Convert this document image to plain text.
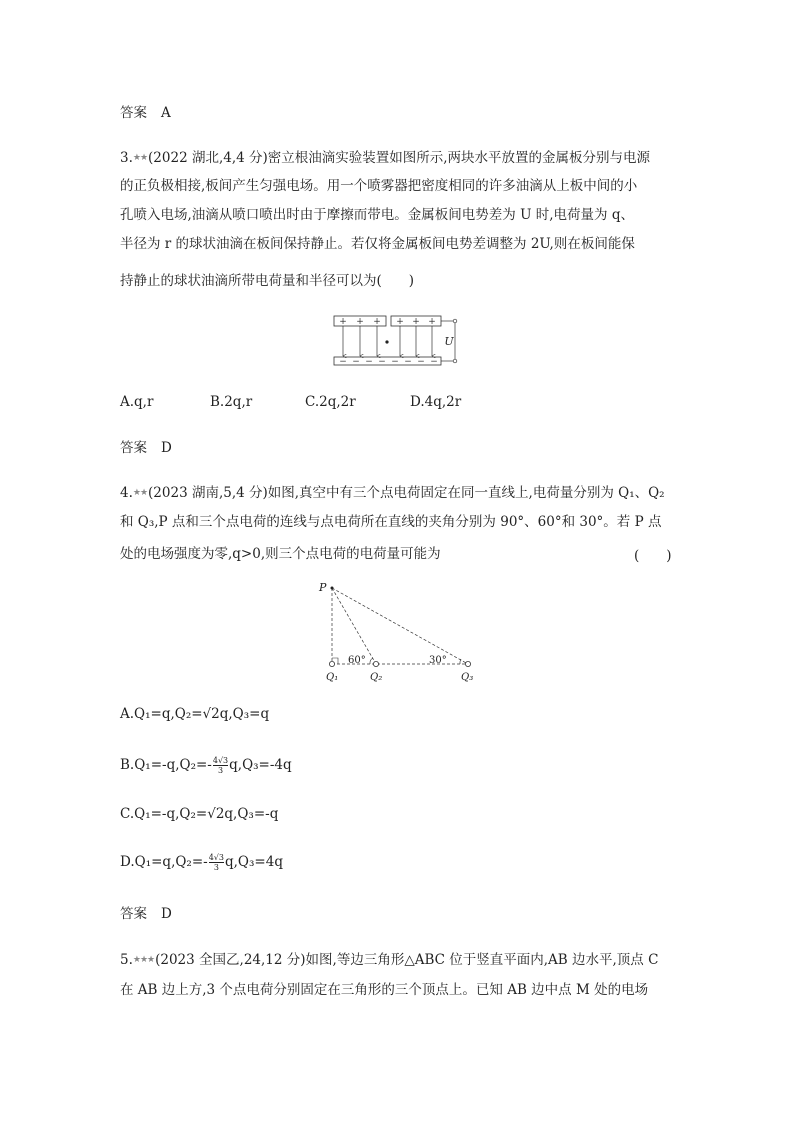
答案 A
3.★★(2022 湖北,4,4 分)密立根油滴实验装置如图所示,两块水平放置的金属板分别与电源
的正负极相接,板间产生匀强电场。用一个喷雾器把密度相同的许多油滴从上板中间的小
孔喷入电场,油滴从喷口喷出时由于摩擦而带电。金属板间电势差为 U 时,电荷量为 q、
半径为 r 的球状油滴在板间保持静止。若仅将金属板间电势差调整为 2U,则在板间能保
持静止的球状油滴所带电荷量和半径可以为(　　)
+ + + + + +
− − − − − − − −
U
A.q,r	B.2q,r	C.2q,2r	D.4q,2r
答案 D
4.★★(2023 湖南,5,4 分)如图,真空中有三个点电荷固定在同一直线上,电荷量分别为 Q₁、Q₂
和 Q₃,P 点和三个点电荷的连线与点电荷所在直线的夹角分别为 90°、60°和 30°。若 P 点
处的电场强度为零,q>0,则三个点电荷的电荷量可能为	(　　)
P
60°	30°
Q₁	Q₂	Q₃
A.Q₁=q,Q₂=√2q,Q₃=q
$B.Q_1=-q,Q_2=- \frac{4√3}{3} q,Q_3=-4q$
C.Q₁=-q,Q₂=√2q,Q₃=-q
$D.Q_1=q,Q_2=- \frac{4√3}{3} q,Q_3=4q$
答案 D
5.★★★(2023 全国乙,24,12 分)如图,等边三角形△ABC 位于竖直平面内,AB 边水平,顶点 C
在 AB 边上方,3 个点电荷分别固定在三角形的三个顶点上。已知 AB 边中点 M 处的电场
